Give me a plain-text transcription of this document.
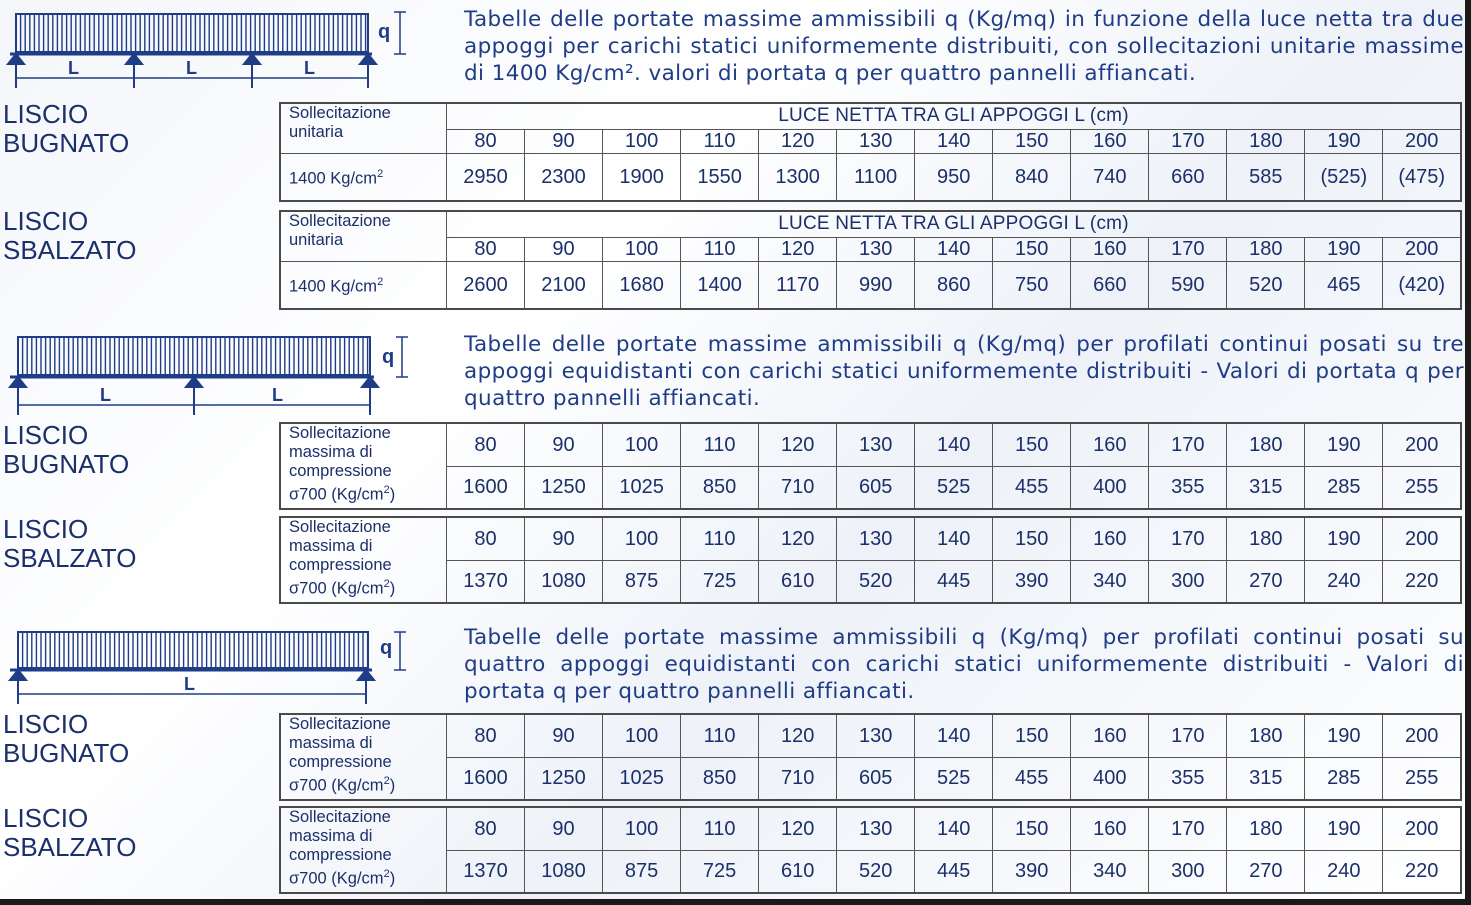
q
L	L	L
Tabelle delle portate massime ammissibili q (Kg/mq) in funzione della luce netta tra due appoggi per carichi statici uniformemente distribuiti, con sollecitazioni unitarie massime di 1400 Kg/cm². valori di portata q per quattro pannelli affiancati.
LISCIO
BUGNATO
Sollecitazione
unitaria	LUCE NETTA TRA GLI APPOGGI L (cm)												
	80	90	100	110	120	130	140	150	160	170	180	190	200
1400 $Kg/cm^2$	2950	2300	1900	1550	1300	1100	950	840	740	660	585	(525)	(475)
LISCIO
SBALZATO
Sollecitazione
unitaria	LUCE NETTA TRA GLI APPOGGI L (cm)												
	80	90	100	110	120	130	140	150	160	170	180	190	200
1400 $Kg/cm^2$	2600	2100	1680	1400	1170	990	860	750	660	590	520	465	(420)
q
L	L
Tabelle delle portate massime ammissibili q (Kg/mq) per profilati continui posati su tre appoggi equidistanti con carichi statici uniformemente distribuiti - Valori di portata q per quattro pannelli affiancati.
LISCIO
BUGNATO
Sollecitazione
massima di
compressione
σ700 $(Kg/cm^2)$	80	90	100	110	120	130	140	150	160	170	180	190	200
	1600	1250	1025	850	710	605	525	455	400	355	315	285	255
LISCIO
SBALZATO
Sollecitazione
massima di
compressione
σ700 $(Kg/cm^2)$	80	90	100	110	120	130	140	150	160	170	180	190	200
	1370	1080	875	725	610	520	445	390	340	300	270	240	220
q
L
Tabelle delle portate massime ammissibili q (Kg/mq) per profilati continui posati su quattro appoggi equidistanti con carichi statici uniformemente distribuiti - Valori di portata q per quattro pannelli affiancati.
LISCIO
BUGNATO
Sollecitazione
massima di
compressione
σ700 $(Kg/cm^2)$	80	90	100	110	120	130	140	150	160	170	180	190	200
	1600	1250	1025	850	710	605	525	455	400	355	315	285	255
LISCIO
SBALZATO
Sollecitazione
massima di
compressione
σ700 $(Kg/cm^2)$	80	90	100	110	120	130	140	150	160	170	180	190	200
	1370	1080	875	725	610	520	445	390	340	300	270	240	220
